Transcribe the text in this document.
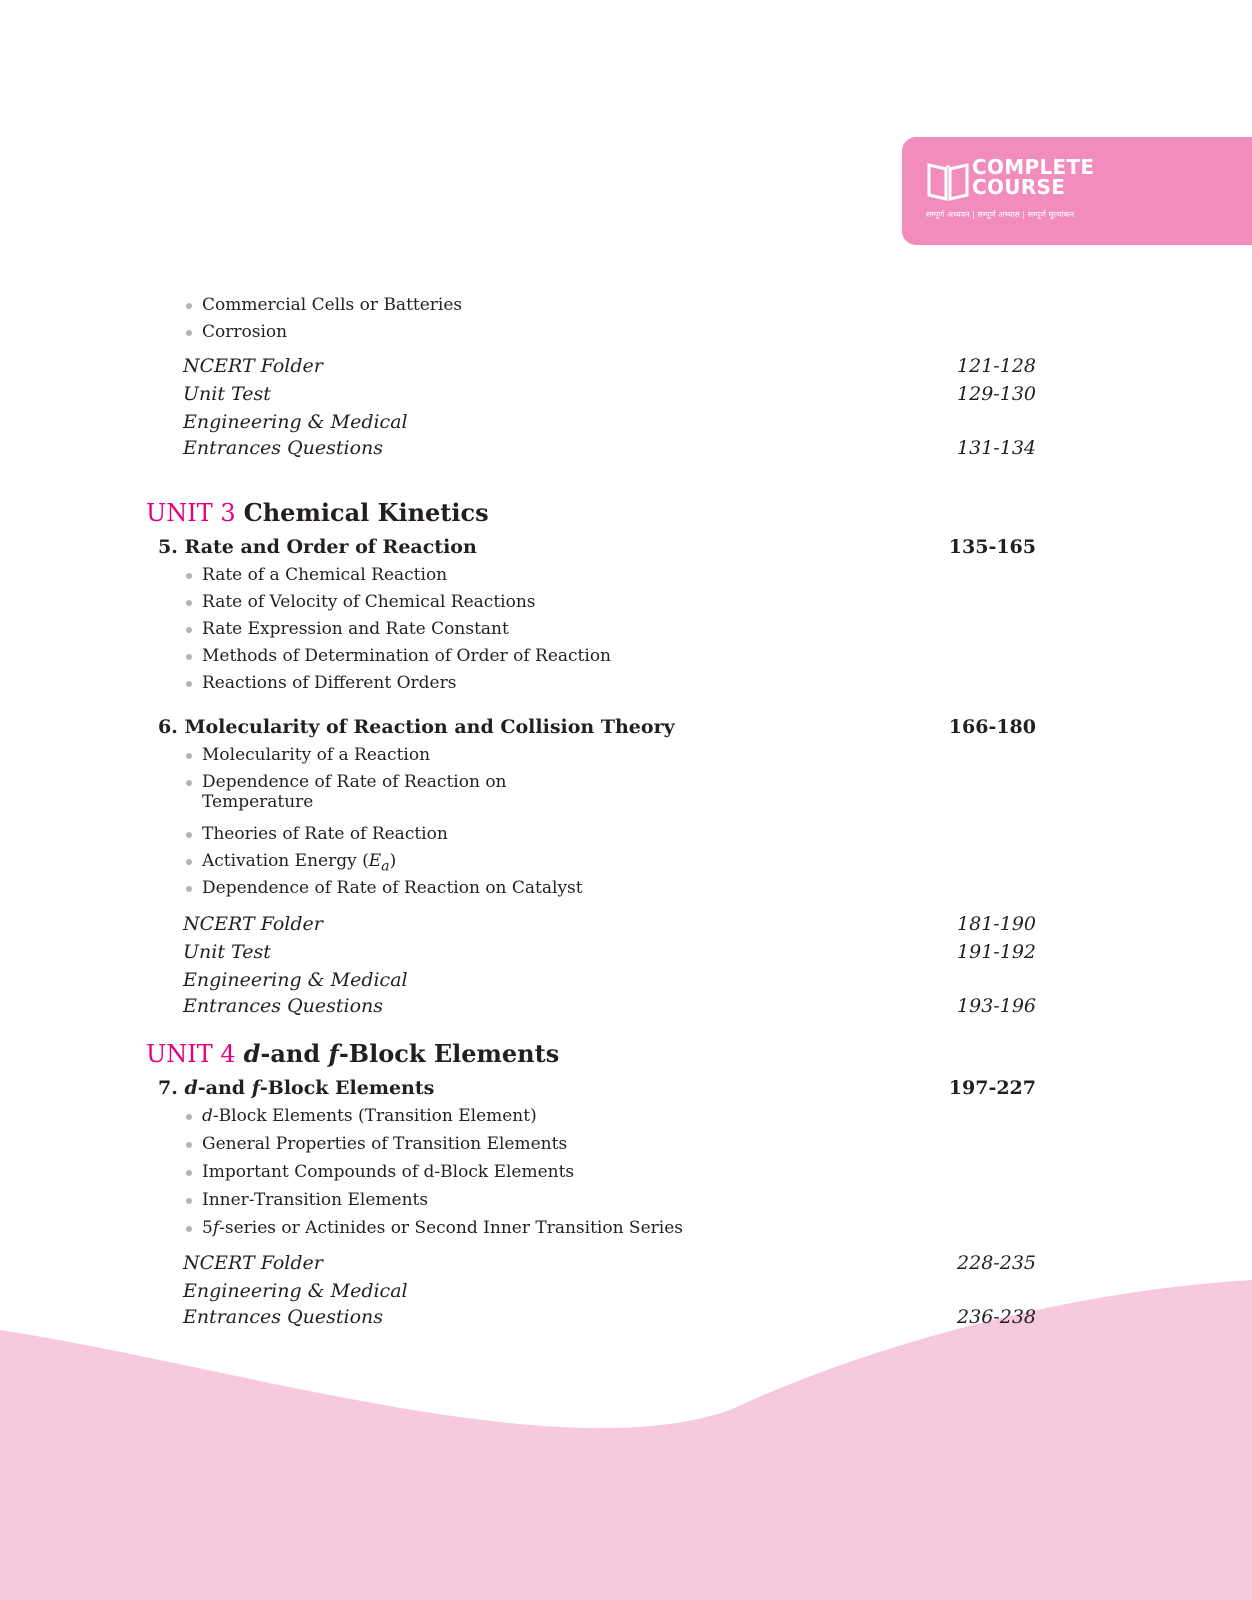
COMPLETE
COURSE
सम्पूर्ण अध्ययन | सम्पूर्ण अभ्यास | सम्पूर्ण मूल्यांकन
Commercial Cells or Batteries
Corrosion
NCERT Folder	121-128
Unit Test	129-130
Engineering & Medical
Entrances Questions	131-134
UNIT 3 Chemical Kinetics
5. Rate and Order of Reaction	135-165
Rate of a Chemical Reaction
Rate of Velocity of Chemical Reactions
Rate Expression and Rate Constant
Methods of Determination of Order of Reaction
Reactions of Different Orders
6. Molecularity of Reaction and Collision Theory	166-180
Molecularity of a Reaction
Dependence of Rate of Reaction on
Temperature
Theories of Rate of Reaction
Activation Energy $(E_a)$
Dependence of Rate of Reaction on Catalyst
NCERT Folder	181-190
Unit Test	191-192
Engineering & Medical
Entrances Questions	193-196
UNIT 4 d-and f-Block Elements
7. d-and f-Block Elements	197-227
d-Block Elements (Transition Element)
General Properties of Transition Elements
Important Compounds of d-Block Elements
Inner-Transition Elements
5f-series or Actinides or Second Inner Transition Series
NCERT Folder	228-235
Engineering & Medical
Entrances Questions	236-238
